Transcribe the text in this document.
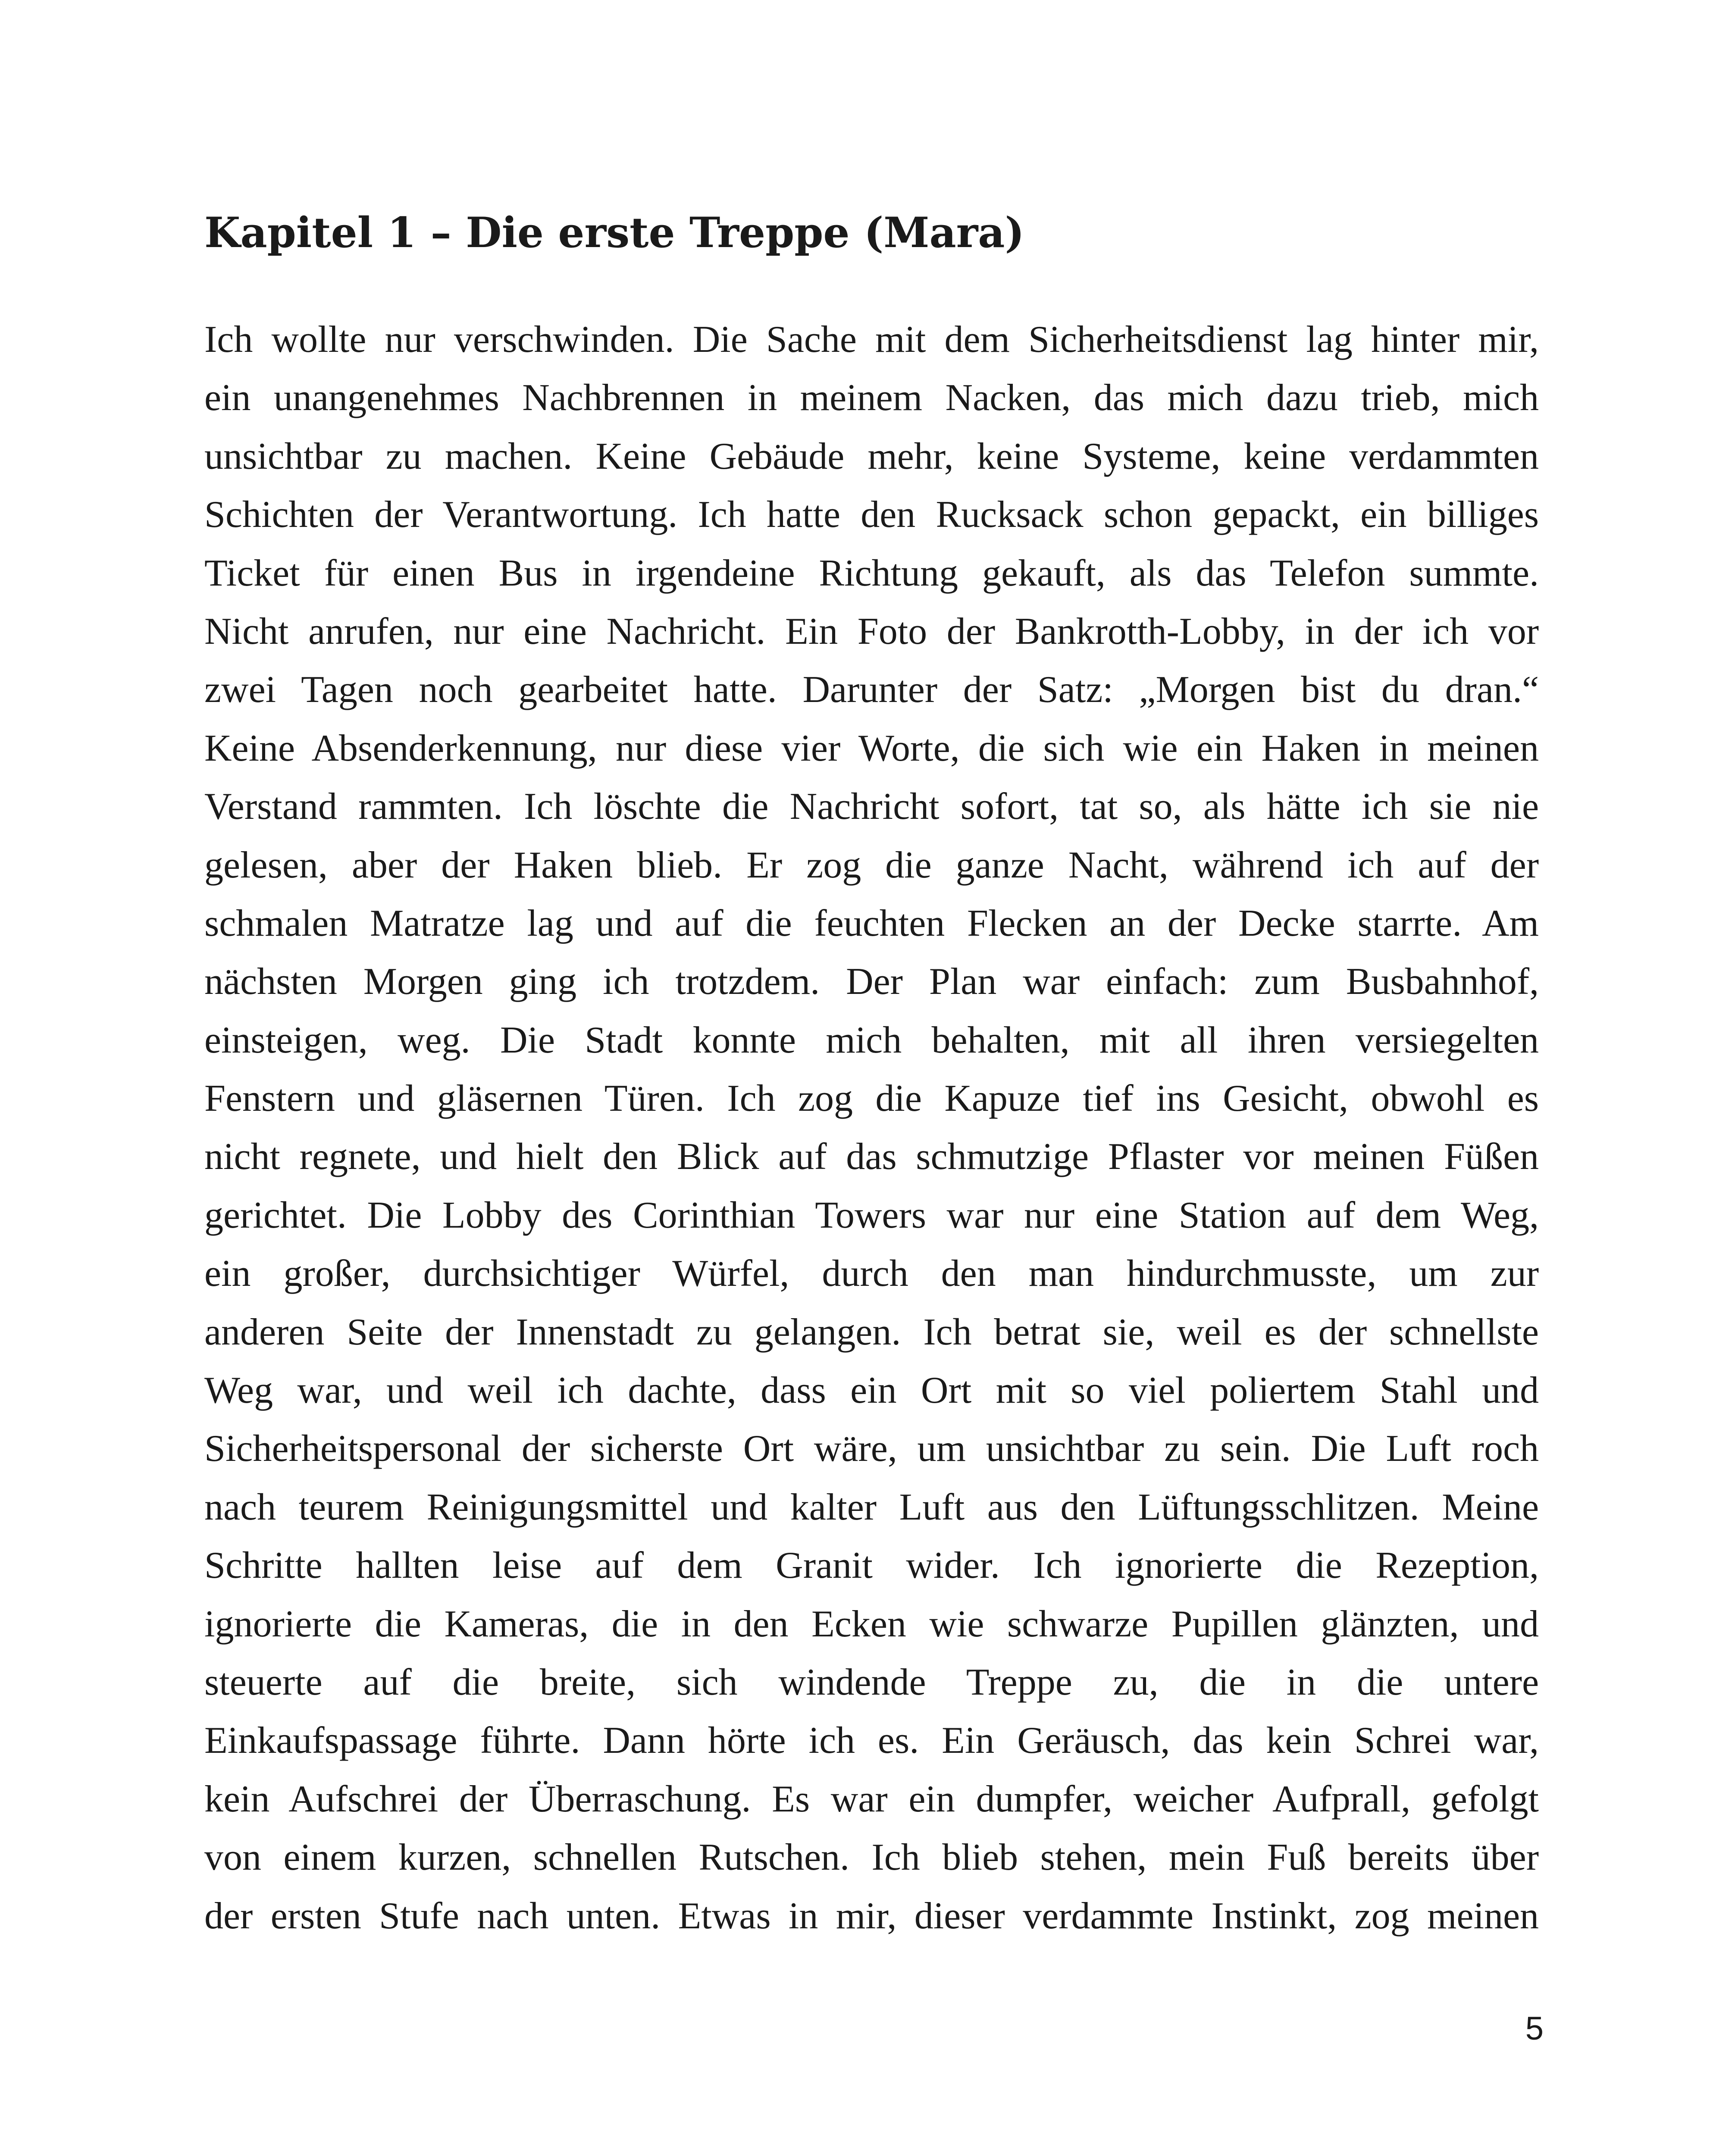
Kapitel 1 – Die erste Treppe (Mara)
Ich wollte nur verschwinden. Die Sache mit dem Sicherheitsdienst lag hinter mir,
ein unangenehmes Nachbrennen in meinem Nacken, das mich dazu trieb, mich
unsichtbar zu machen. Keine Gebäude mehr, keine Systeme, keine verdammten
Schichten der Verantwortung. Ich hatte den Rucksack schon gepackt, ein billiges
Ticket für einen Bus in irgendeine Richtung gekauft, als das Telefon summte.
Nicht anrufen, nur eine Nachricht. Ein Foto der Bankrotth-Lobby, in der ich vor
zwei Tagen noch gearbeitet hatte. Darunter der Satz: „Morgen bist du dran.“
Keine Absenderkennung, nur diese vier Worte, die sich wie ein Haken in meinen
Verstand rammten. Ich löschte die Nachricht sofort, tat so, als hätte ich sie nie
gelesen, aber der Haken blieb. Er zog die ganze Nacht, während ich auf der
schmalen Matratze lag und auf die feuchten Flecken an der Decke starrte. Am
nächsten Morgen ging ich trotzdem. Der Plan war einfach: zum Busbahnhof,
einsteigen, weg. Die Stadt konnte mich behalten, mit all ihren versiegelten
Fenstern und gläsernen Türen. Ich zog die Kapuze tief ins Gesicht, obwohl es
nicht regnete, und hielt den Blick auf das schmutzige Pflaster vor meinen Füßen
gerichtet. Die Lobby des Corinthian Towers war nur eine Station auf dem Weg,
ein großer, durchsichtiger Würfel, durch den man hindurchmusste, um zur
anderen Seite der Innenstadt zu gelangen. Ich betrat sie, weil es der schnellste
Weg war, und weil ich dachte, dass ein Ort mit so viel poliertem Stahl und
Sicherheitspersonal der sicherste Ort wäre, um unsichtbar zu sein. Die Luft roch
nach teurem Reinigungsmittel und kalter Luft aus den Lüftungsschlitzen. Meine
Schritte hallten leise auf dem Granit wider. Ich ignorierte die Rezeption,
ignorierte die Kameras, die in den Ecken wie schwarze Pupillen glänzten, und
steuerte auf die breite, sich windende Treppe zu, die in die untere
Einkaufspassage führte. Dann hörte ich es. Ein Geräusch, das kein Schrei war,
kein Aufschrei der Überraschung. Es war ein dumpfer, weicher Aufprall, gefolgt
von einem kurzen, schnellen Rutschen. Ich blieb stehen, mein Fuß bereits über
der ersten Stufe nach unten. Etwas in mir, dieser verdammte Instinkt, zog meinen
5
